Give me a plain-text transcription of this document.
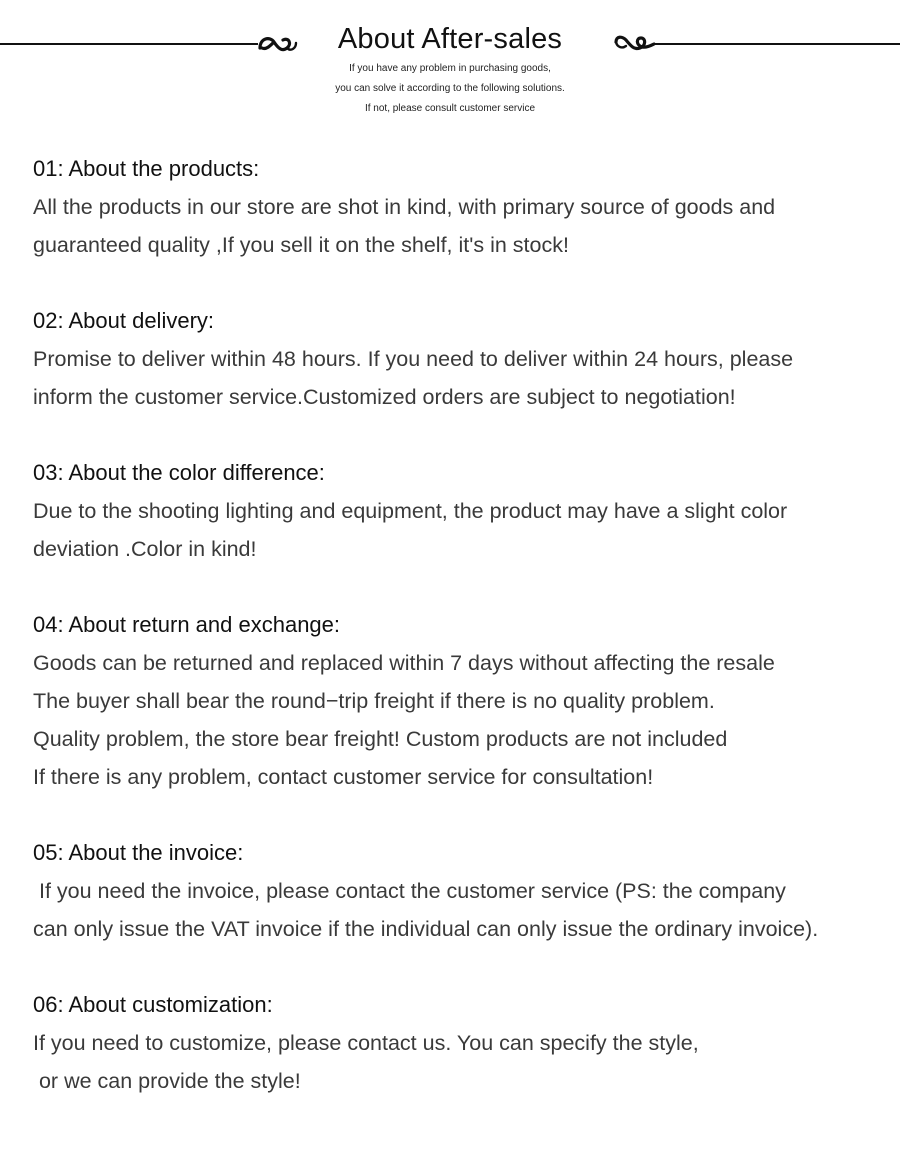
About After-sales
If you have any problem in purchasing goods,
you can solve it according to the following solutions.
If not, please consult customer service
01: About the products:
All the products in our store are shot in kind, with primary source of goods and
guaranteed quality ,If you sell it on the shelf, it's in stock!
02: About delivery:
Promise to deliver within 48 hours. If you need to deliver within 24 hours, please
inform the customer service.Customized orders are subject to negotiation!
03: About the color difference:
Due to the shooting lighting and equipment, the product may have a slight color
deviation .Color in kind!
04: About return and exchange:
Goods can be returned and replaced within 7 days without affecting the resale
The buyer shall bear the round−trip freight if there is no quality problem.
Quality problem, the store bear freight! Custom products are not included
If there is any problem, contact customer service for consultation!
05: About the invoice:
If you need the invoice, please contact the customer service (PS: the company
can only issue the VAT invoice if the individual can only issue the ordinary invoice).
06: About customization:
If you need to customize, please contact us. You can specify the style,
or we can provide the style!
